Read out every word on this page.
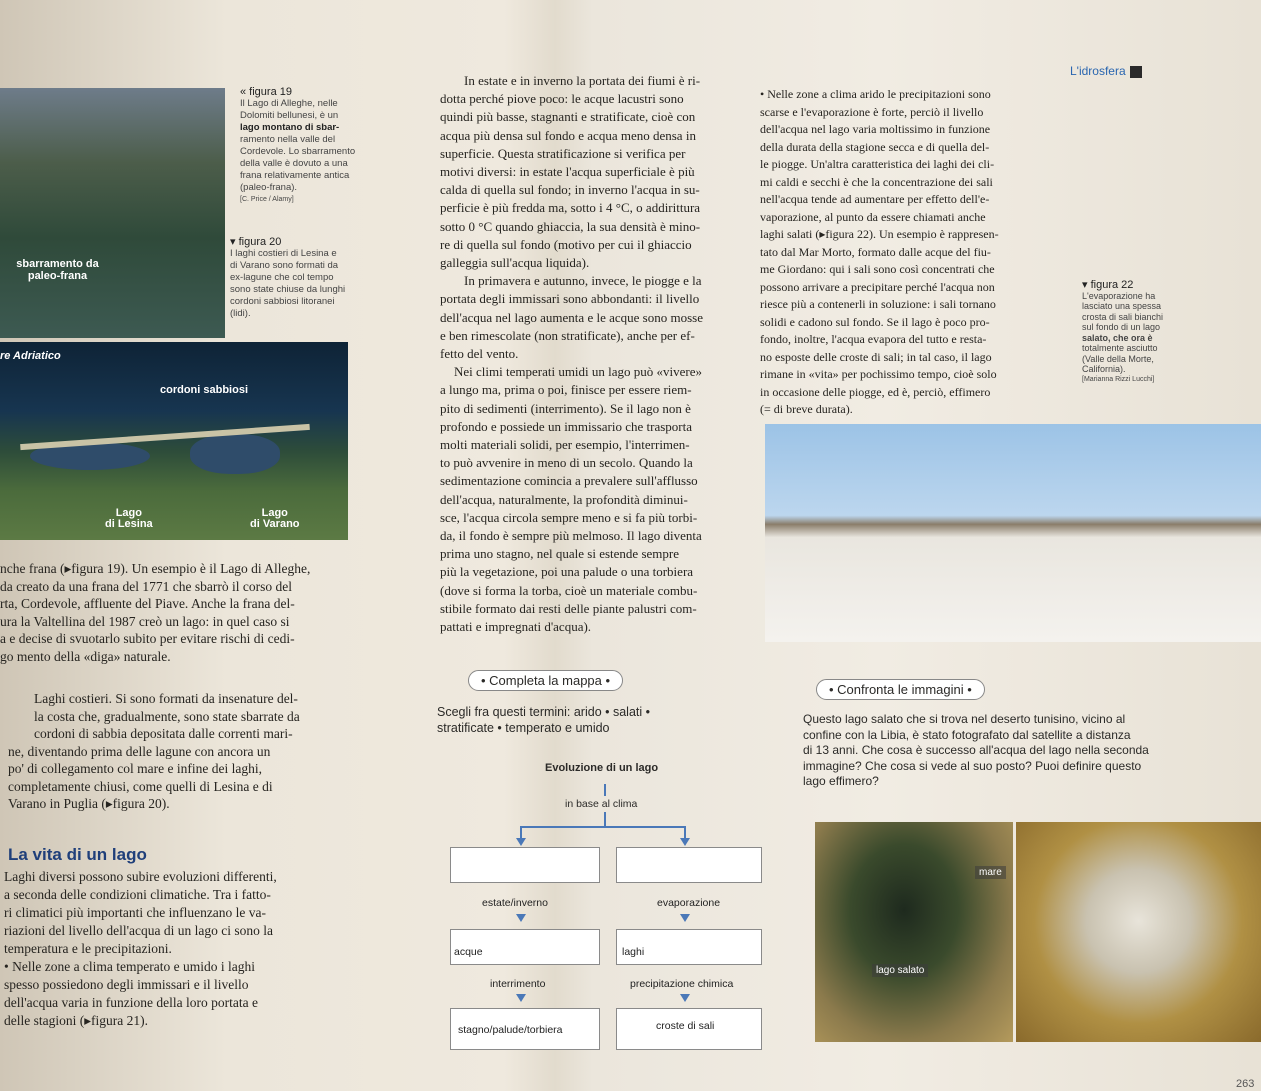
L'idrosfera
sbarramento da
paleo-frana
« figura 19
Il Lago di Alleghe, nelle
Dolomiti bellunesi, è un
lago montano di sbar-
ramento nella valle del
Cordevole. Lo sbarramento
della valle è dovuto a una
frana relativamente antica
(paleo-frana).
[C. Price / Alamy]
▾ figura 20
I laghi costieri di Lesina e
di Varano sono formati da
ex-lagune che col tempo
sono state chiuse da lunghi
cordoni sabbiosi litoranei
(lidi).
re Adriatico
cordoni sabbiosi
Lago
di Lesina
Lago
di Varano
nche frana (▸figura 19). Un esempio è il Lago di Alleghe,
da creato da una frana del 1771 che sbarrò il corso del
rta, Cordevole, affluente del Piave. Anche la frana del-
ura la Valtellina del 1987 creò un lago: in quel caso si
a e decise di svuotarlo subito per evitare rischi di cedi-
go mento della «diga» naturale.
Laghi costieri. Si sono formati da insenature del-
la costa che, gradualmente, sono state sbarrate da
cordoni di sabbia depositata dalle correnti mari-
ne, diventando prima delle lagune con ancora un
po' di collegamento col mare e infine dei laghi,
completamente chiusi, come quelli di Lesina e di
Varano in Puglia (▸figura 20).
La vita di un lago
Laghi diversi possono subire evoluzioni differenti,
a seconda delle condizioni climatiche. Tra i fatto-
ri climatici più importanti che influenzano le va-
riazioni del livello dell'acqua di un lago ci sono la
temperatura e le precipitazioni.
• Nelle zone a clima temperato e umido i laghi
spesso possiedono degli immissari e il livello
dell'acqua varia in funzione della loro portata e
delle stagioni (▸figura 21).
In estate e in inverno la portata dei fiumi è ri-
dotta perché piove poco: le acque lacustri sono
quindi più basse, stagnanti e stratificate, cioè con
acqua più densa sul fondo e acqua meno densa in
superficie. Questa stratificazione si verifica per
motivi diversi: in estate l'acqua superficiale è più
calda di quella sul fondo; in inverno l'acqua in su-
perficie è più fredda ma, sotto i 4 °C, o addirittura
sotto 0 °C quando ghiaccia, la sua densità è mino-
re di quella sul fondo (motivo per cui il ghiaccio
galleggia sull'acqua liquida).
In primavera e autunno, invece, le piogge e la
portata degli immissari sono abbondanti: il livello
dell'acqua nel lago aumenta e le acque sono mosse
e ben rimescolate (non stratificate), anche per ef-
fetto del vento.
Nei climi temperati umidi un lago può «vivere»
a lungo ma, prima o poi, finisce per essere riem-
pito di sedimenti (interrimento). Se il lago non è
profondo e possiede un immissario che trasporta
molti materiali solidi, per esempio, l'interrimen-
to può avvenire in meno di un secolo. Quando la
sedimentazione comincia a prevalere sull'afflusso
dell'acqua, naturalmente, la profondità diminui-
sce, l'acqua circola sempre meno e si fa più torbi-
da, il fondo è sempre più melmoso. Il lago diventa
prima uno stagno, nel quale si estende sempre
più la vegetazione, poi una palude o una torbiera
(dove si forma la torba, cioè un materiale combu-
stibile formato dai resti delle piante palustri com-
pattati e impregnati d'acqua).
• Nelle zone a clima arido le precipitazioni sono
scarse e l'evaporazione è forte, perciò il livello
dell'acqua nel lago varia moltissimo in funzione
della durata della stagione secca e di quella del-
le piogge. Un'altra caratteristica dei laghi dei cli-
mi caldi e secchi è che la concentrazione dei sali
nell'acqua tende ad aumentare per effetto dell'e-
vaporazione, al punto da essere chiamati anche
laghi salati (▸figura 22). Un esempio è rappresen-
tato dal Mar Morto, formato dalle acque del fiu-
me Giordano: qui i sali sono così concentrati che
possono arrivare a precipitare perché l'acqua non
riesce più a contenerli in soluzione: i sali tornano
solidi e cadono sul fondo. Se il lago è poco pro-
fondo, inoltre, l'acqua evapora del tutto e resta-
no esposte delle croste di sali; in tal caso, il lago
rimane in «vita» per pochissimo tempo, cioè solo
in occasione delle piogge, ed è, perciò, effimero
(= di breve durata).
▾ figura 22
L'evaporazione ha
lasciato una spessa
crosta di sali bianchi
sul fondo di un lago
salato, che ora è
totalmente asciutto
(Valle della Morte,
California).
[Marianna Rizzi Lucchi]
• Completa la mappa •
Scegli fra questi termini: arido • salati •
stratificate • temperato e umido
Evoluzione di un lago
in base al clima
estate/inverno	evaporazione
acque	laghi
interrimento	precipitazione chimica
stagno/palude/torbiera	croste di sali
• Confronta le immagini •
Questo lago salato che si trova nel deserto tunisino, vicino al
confine con la Libia, è stato fotografato dal satellite a distanza
di 13 anni. Che cosa è successo all'acqua del lago nella seconda
immagine? Che cosa si vede al suo posto? Puoi definire questo
lago effimero?
mare
lago salato
263
